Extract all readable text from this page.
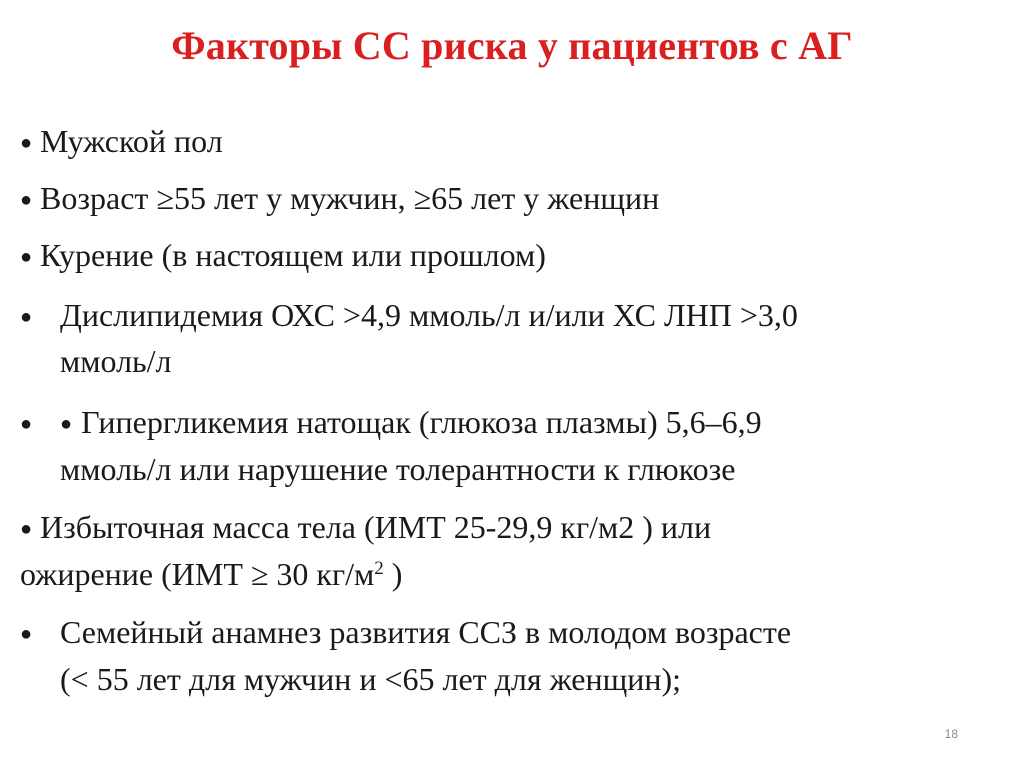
Факторы СС риска у пациентов с АГ
● Мужской пол
● Возраст ≥55 лет у мужчин, ≥65 лет у женщин
● Курение (в настоящем или прошлом)
● Дислипидемия ОХС >4,9 ммоль/л и/или ХС ЛНП >3,0
ммоль/л
● ● Гипергликемия натощак (глюкоза плазмы) 5,6–6,9
ммоль/л или нарушение толерантности к глюкозе
● Избыточная масса тела (ИМТ 25-29,9 кг/м2 ) или
ожирение (ИМТ ≥ 30 $кг/м^2$ )
● Семейный анамнез развития ССЗ в молодом возрасте
(< 55 лет для мужчин и <65 лет для женщин);
18
